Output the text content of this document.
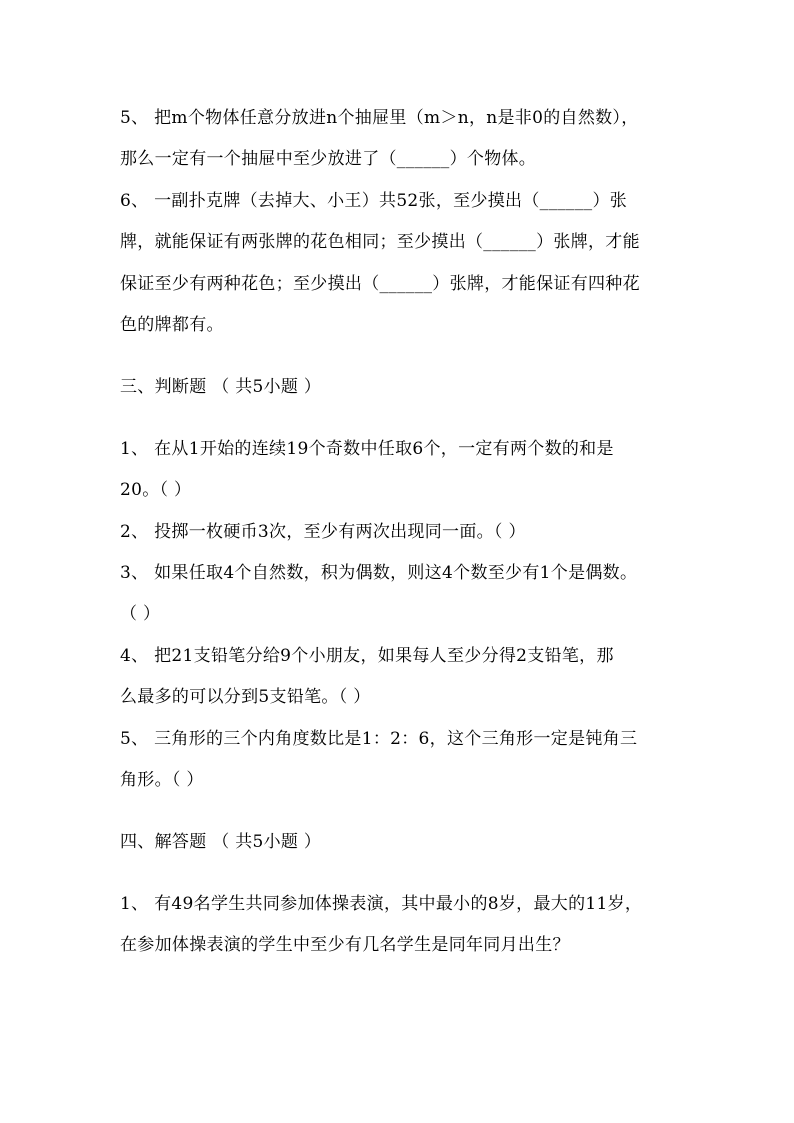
5、 把m个物体任意分放进n个抽屉里（m＞n，n是非0的自然数），
那么一定有一个抽屉中至少放进了（______）个物体。
6、 一副扑克牌（去掉大、小王）共52张，至少摸出（______）张
牌，就能保证有两张牌的花色相同；至少摸出（______）张牌，才能
保证至少有两种花色；至少摸出（______）张牌，才能保证有四种花
色的牌都有。
三、判断题 （ 共5小题 ）
1、 在从1开始的连续19个奇数中任取6个，一定有两个数的和是
20。（ ）
2、 投掷一枚硬币3次，至少有两次出现同一面。（ ）
3、 如果任取4个自然数，积为偶数，则这4个数至少有1个是偶数。
（ ）
4、 把21支铅笔分给9个小朋友，如果每人至少分得2支铅笔，那
么最多的可以分到5支铅笔。（ ）
5、 三角形的三个内角度数比是1：2：6，这个三角形一定是钝角三
角形。（ ）
四、解答题 （ 共5小题 ）
1、 有49名学生共同参加体操表演，其中最小的8岁，最大的11岁，
在参加体操表演的学生中至少有几名学生是同年同月出生？
